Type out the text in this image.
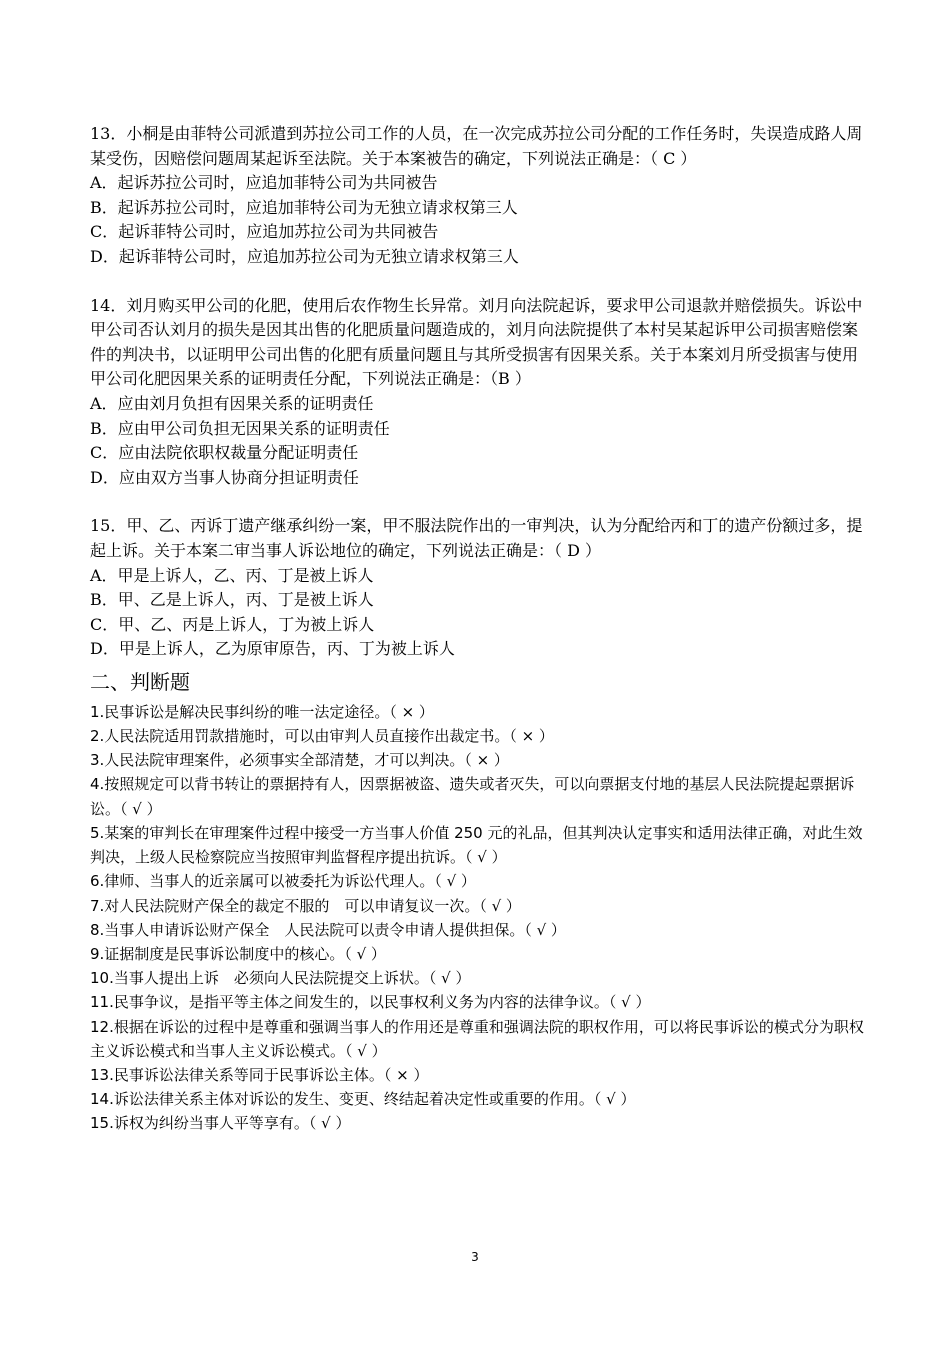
13．小桐是由菲特公司派遣到苏拉公司工作的人员，在一次完成苏拉公司分配的工作任务时，失误造成路人周某受伤，因赔偿问题周某起诉至法院。关于本案被告的确定，下列说法正确是：（ C ）

A．起诉苏拉公司时，应追加菲特公司为共同被告

B．起诉苏拉公司时，应追加菲特公司为无独立请求权第三人

C．起诉菲特公司时，应追加苏拉公司为共同被告

D．起诉菲特公司时，应追加苏拉公司为无独立请求权第三人

14．刘月购买甲公司的化肥，使用后农作物生长异常。刘月向法院起诉，要求甲公司退款并赔偿损失。诉讼中甲公司否认刘月的损失是因其出售的化肥质量问题造成的，刘月向法院提供了本村吴某起诉甲公司损害赔偿案件的判决书，以证明甲公司出售的化肥有质量问题且与其所受损害有因果关系。关于本案刘月所受损害与使用甲公司化肥因果关系的证明责任分配，下列说法正确是：（B ）

A．应由刘月负担有因果关系的证明责任

B．应由甲公司负担无因果关系的证明责任

C．应由法院依职权裁量分配证明责任

D．应由双方当事人协商分担证明责任

15．甲、乙、丙诉丁遗产继承纠纷一案，甲不服法院作出的一审判决，认为分配给丙和丁的遗产份额过多，提起上诉。关于本案二审当事人诉讼地位的确定，下列说法正确是：（ D ）

A．甲是上诉人，乙、丙、丁是被上诉人

B．甲、乙是上诉人，丙、丁是被上诉人

C．甲、乙、丙是上诉人，丁为被上诉人

D．甲是上诉人，乙为原审原告，丙、丁为被上诉人

二、判断题

1.民事诉讼是解决民事纠纷的唯一法定途径。（ × ）

2.人民法院适用罚款措施时，可以由审判人员直接作出裁定书。（ × ）

3.人民法院审理案件，必须事实全部清楚，才可以判决。（ × ）

4.按照规定可以背书转让的票据持有人，因票据被盗、遗失或者灭失，可以向票据支付地的基层人民法院提起票据诉讼。（ √ ）

5.某案的审判长在审理案件过程中接受一方当事人价值 250 元的礼品，但其判决认定事实和适用法律正确，对此生效判决，上级人民检察院应当按照审判监督程序提出抗诉。（ √ ）

6.律师、当事人的近亲属可以被委托为诉讼代理人。（ √ ）

7.对人民法院财产保全的裁定不服的　可以申请复议一次。（ √ ）

8.当事人申请诉讼财产保全　人民法院可以责令申请人提供担保。（ √ ）

9.证据制度是民事诉讼制度中的核心。（ √ ）

10.当事人提出上诉　必须向人民法院提交上诉状。（ √ ）

11.民事争议，是指平等主体之间发生的，以民事权利义务为内容的法律争议。（ √ ）

12.根据在诉讼的过程中是尊重和强调当事人的作用还是尊重和强调法院的职权作用，可以将民事诉讼的模式分为职权主义诉讼模式和当事人主义诉讼模式。（ √ ）

13.民事诉讼法律关系等同于民事诉讼主体。（ × ）

14.诉讼法律关系主体对诉讼的发生、变更、终结起着决定性或重要的作用。（ √ ）

15.诉权为纠纷当事人平等享有。（ √ ）

3
